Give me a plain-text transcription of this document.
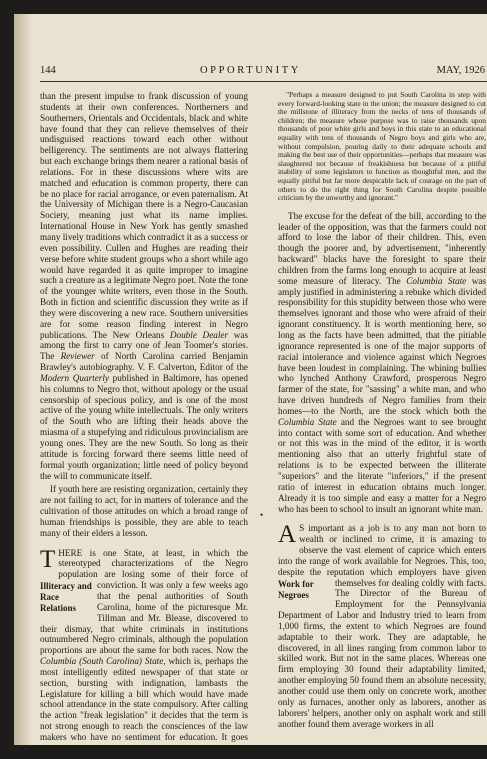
144	OPPORTUNITY	MAY, 1926

than the present impulse to frank discussion of young students at their own conferences. Northerners and Southerners, Orientals and Occidentals, black and white have found that they can relieve themselves of their undisguised reactions toward each other without belligerency. The sentiments are not always flattering but each exchange brings them nearer a rational basis of relations. For in these discussions where wits are matched and education is common property, there can be no place for racial arrogance, or even paternalism. At the University of Michigan there is a Negro-Caucasian Society, meaning just what its name implies. International House in New York has gently smashed many lively traditions which contradict it as a success or even possibility. Cullen and Hughes are reading their verse before white student groups who a short while ago would have regarded it as quite improper to imagine such a creature as a legitimate Negro poet. Note the tone of the younger white writers, even those in the South. Both in fiction and scientific discussion they write as if they were discovering a new race. Southern universities are for some reason finding interest in Negro publications. The New Orleans Double Dealer was among the first to carry one of Jean Toomer's stories. The Reviewer of North Carolina carried Benjamin Brawley's autobiography. V. F. Calverton, Editor of the Modern Quarterly published in Baltimore, has opened his columns to Negro thot, without apology or the usual censorship of specious policy, and is one of the most active of the young white intellectuals. The only writers of the South who are lifting their heads above the miasma of a stupefying and ridiculous provincialism are young ones. They are the new South. So long as their attitude is forcing forward there seems little need of formal youth organization; little need of policy beyond the will to communicate itself.

If youth here are resisting organization, certainly they are not failing to act, for in matters of tolerance and the cultivation of those attitudes on which a broad range of human friendships is possible, they are able to teach many of their elders a lesson.

THERE is one State, at least, in which the stereotyped characterizations of the Negro population are losing some of their force of conviction.
Illiteracy and Race Relations
It was only a few weeks ago that the penal authorities of South Carolina, home of the picturesque Mr. Tillman and Mr. Blease, discovered to their dismay, that white criminals in institutions outnumbered Negro criminals, although the population proportions are about the same for both races. Now the Columbia (South Carolina) State, which is, perhaps the most intelligently edited newspaper of that state or section, bursting with indignation, lambasts the Legislature for killing a bill which would have made school attendance in the state compulsory. After calling the action "freak legislation" it decides that the term is not strong enough to reach the consciences of the law makers who have no sentiment for education. It goes on:

"Perhaps a measure designed to put South Carolina in step with every forward-looking state in the union; the measure designed to cut the millstone of illiteracy from the necks of tens of thousands of children; the measure whose purpose was to raise thousands upon thousands of poor white girls and boys in this state to an educational equality with tens of thousands of Negro boys and girls who are, without compulsion, pouring daily to their adequate schools and making the best use of their opportunities—perhaps that measure was slaughtered not because of freakishness but because of a pitiful inability of some legislators to function as thoughtful men, and the equally pitiful but far more despicable lack of courage on the part of others to do the right thing for South Carolina despite possible criticism by the unworthy and ignorant."

The excuse for the defeat of the bill, according to the leader of the opposition, was that the farmers could not afford to lose the labor of their children. This, even though the poorer and, by advertisement, "inherently backward" blacks have the foresight to spare their children from the farms long enough to acquire at least some measure of literacy. The Columbia State was amply justified in administering a rebuke which divided responsibility for this stupidity between those who were themselves ignorant and those who were afraid of their ignorant constituency. It is worth mentioning here, so long as the facts have been admitted, that the pitiable ignorance represented is one of the major supports of racial intolerance and violence against which Negroes have been loudest in complaining. The whining bullies who lynched Anthony Crawford, prosperous Negro farmer of the state, for "sassing" a white man, and who have driven hundreds of Negro families from their homes—to the North, are the stock which both the Columbia State and the Negroes want to see brought into contact with some sort of education. And whether or not this was in the mind of the editor, it is worth mentioning also that an utterly frightful state of relations is to be expected between the illiterate "superiors" and the literate "inferiors," if the present ratio of interest in education obtains much longer. Already it is too simple and easy a matter for a Negro who has been to school to insult an ignorant white man.

A S important as a job is to any man not born to wealth or inclined to crime, it is amazing to observe the vast element of caprice which enters into the range of work available for Negroes. This, too, despite the reputation which employers have given themselves for dealing coldly with facts.
Work for Negroes	The Director of the Bureau of Employment for the Pennsylvania Department of Labor and Industry tried to learn from 1,000 firms, the extent to which Negroes are found adaptable to their work. They are adaptable, he discovered, in all lines ranging from common labor to skilled work. But not in the same places. Whereas one firm employing 30 found their adaptability limited, another employing 50 found them an absolute necessity, another could use them only on concrete work, another only as furnaces, another only as laborers, another as laborers' helpers, another only on asphalt work and still another found them average workers in all

•
